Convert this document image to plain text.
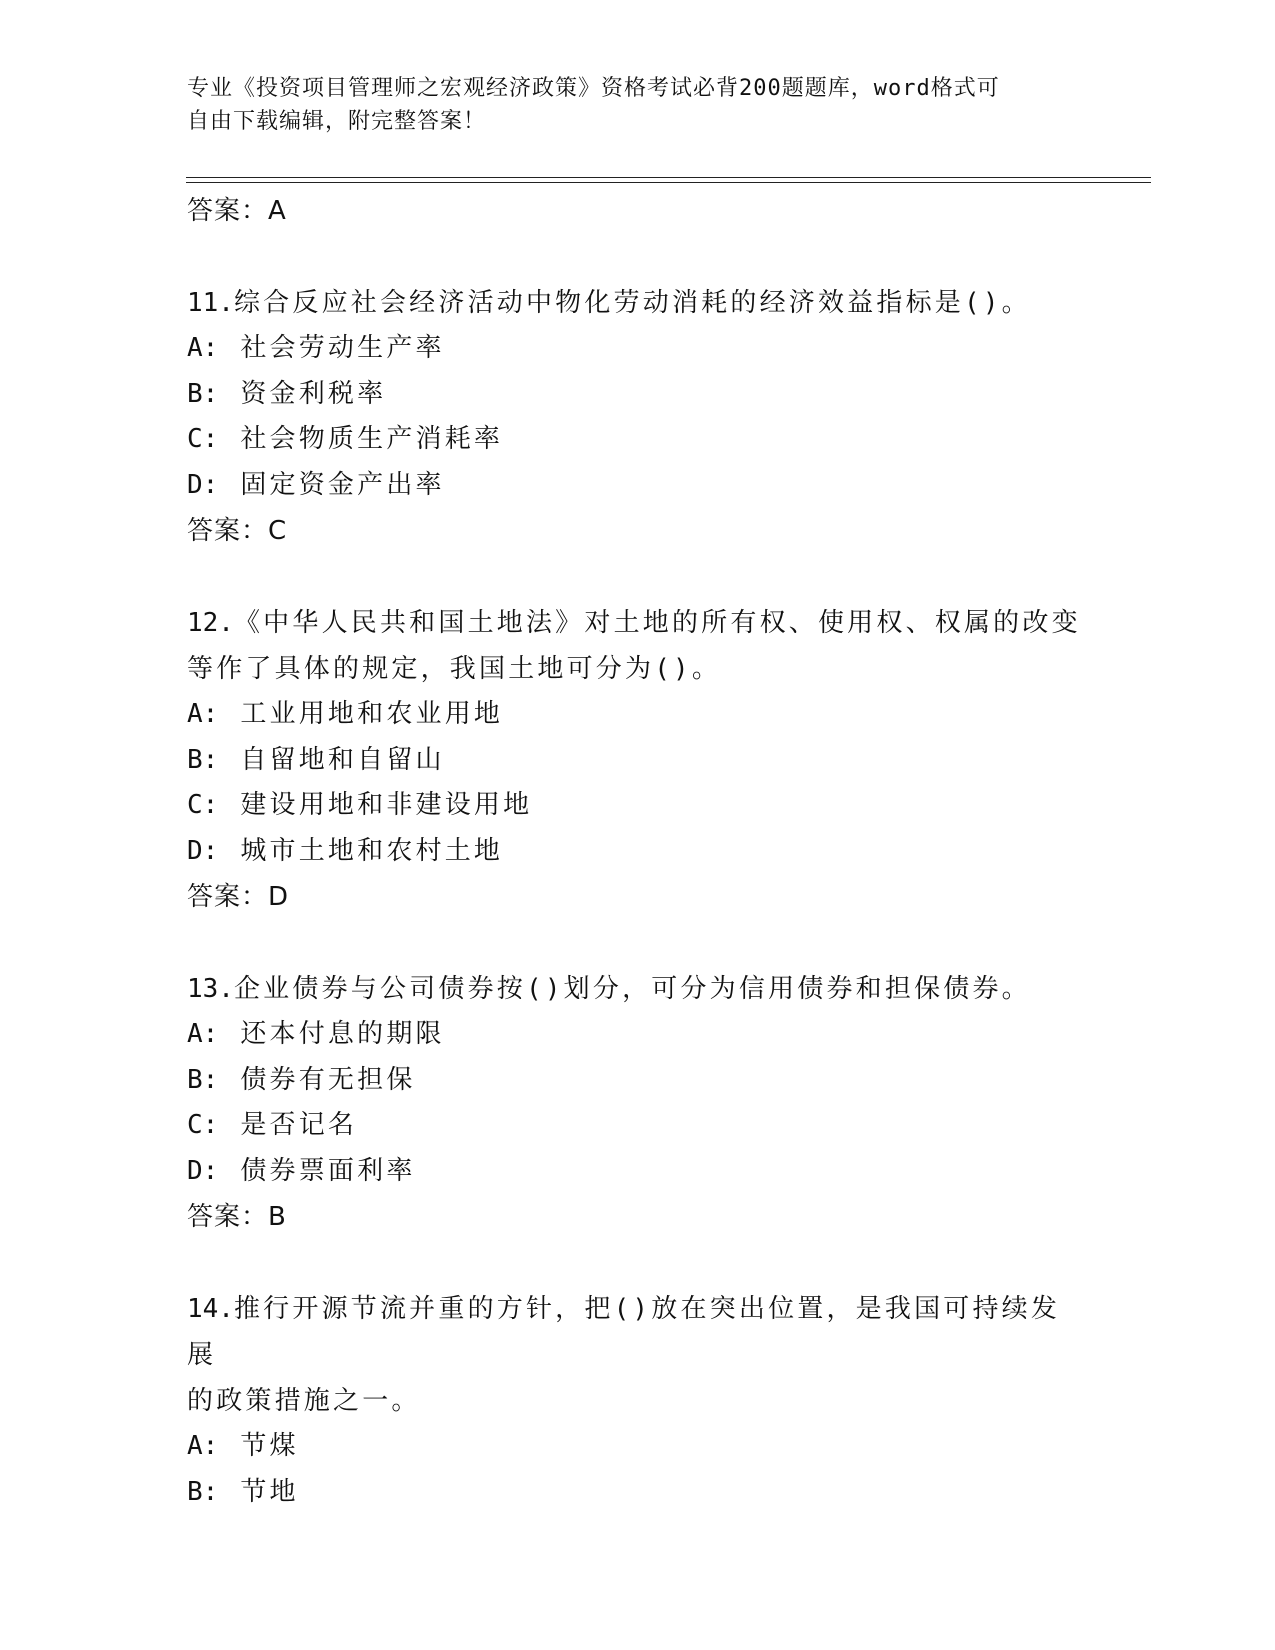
专业《投资项目管理师之宏观经济政策》资格考试必背200题题库，word格式可
自由下载编辑，附完整答案！
答案：A
11.综合反应社会经济活动中物化劳动消耗的经济效益指标是()。
A: 社会劳动生产率
B: 资金利税率
C: 社会物质生产消耗率
D: 固定资金产出率
答案：C
12.《中华人民共和国土地法》对土地的所有权、使用权、权属的改变
等作了具体的规定，我国土地可分为()。
A: 工业用地和农业用地
B: 自留地和自留山
C: 建设用地和非建设用地
D: 城市土地和农村土地
答案：D
13.企业债券与公司债券按()划分，可分为信用债券和担保债券。
A: 还本付息的期限
B: 债券有无担保
C: 是否记名
D: 债券票面利率
答案：B
14.推行开源节流并重的方针，把()放在突出位置，是我国可持续发展
的政策措施之一。
A: 节煤
B: 节地
